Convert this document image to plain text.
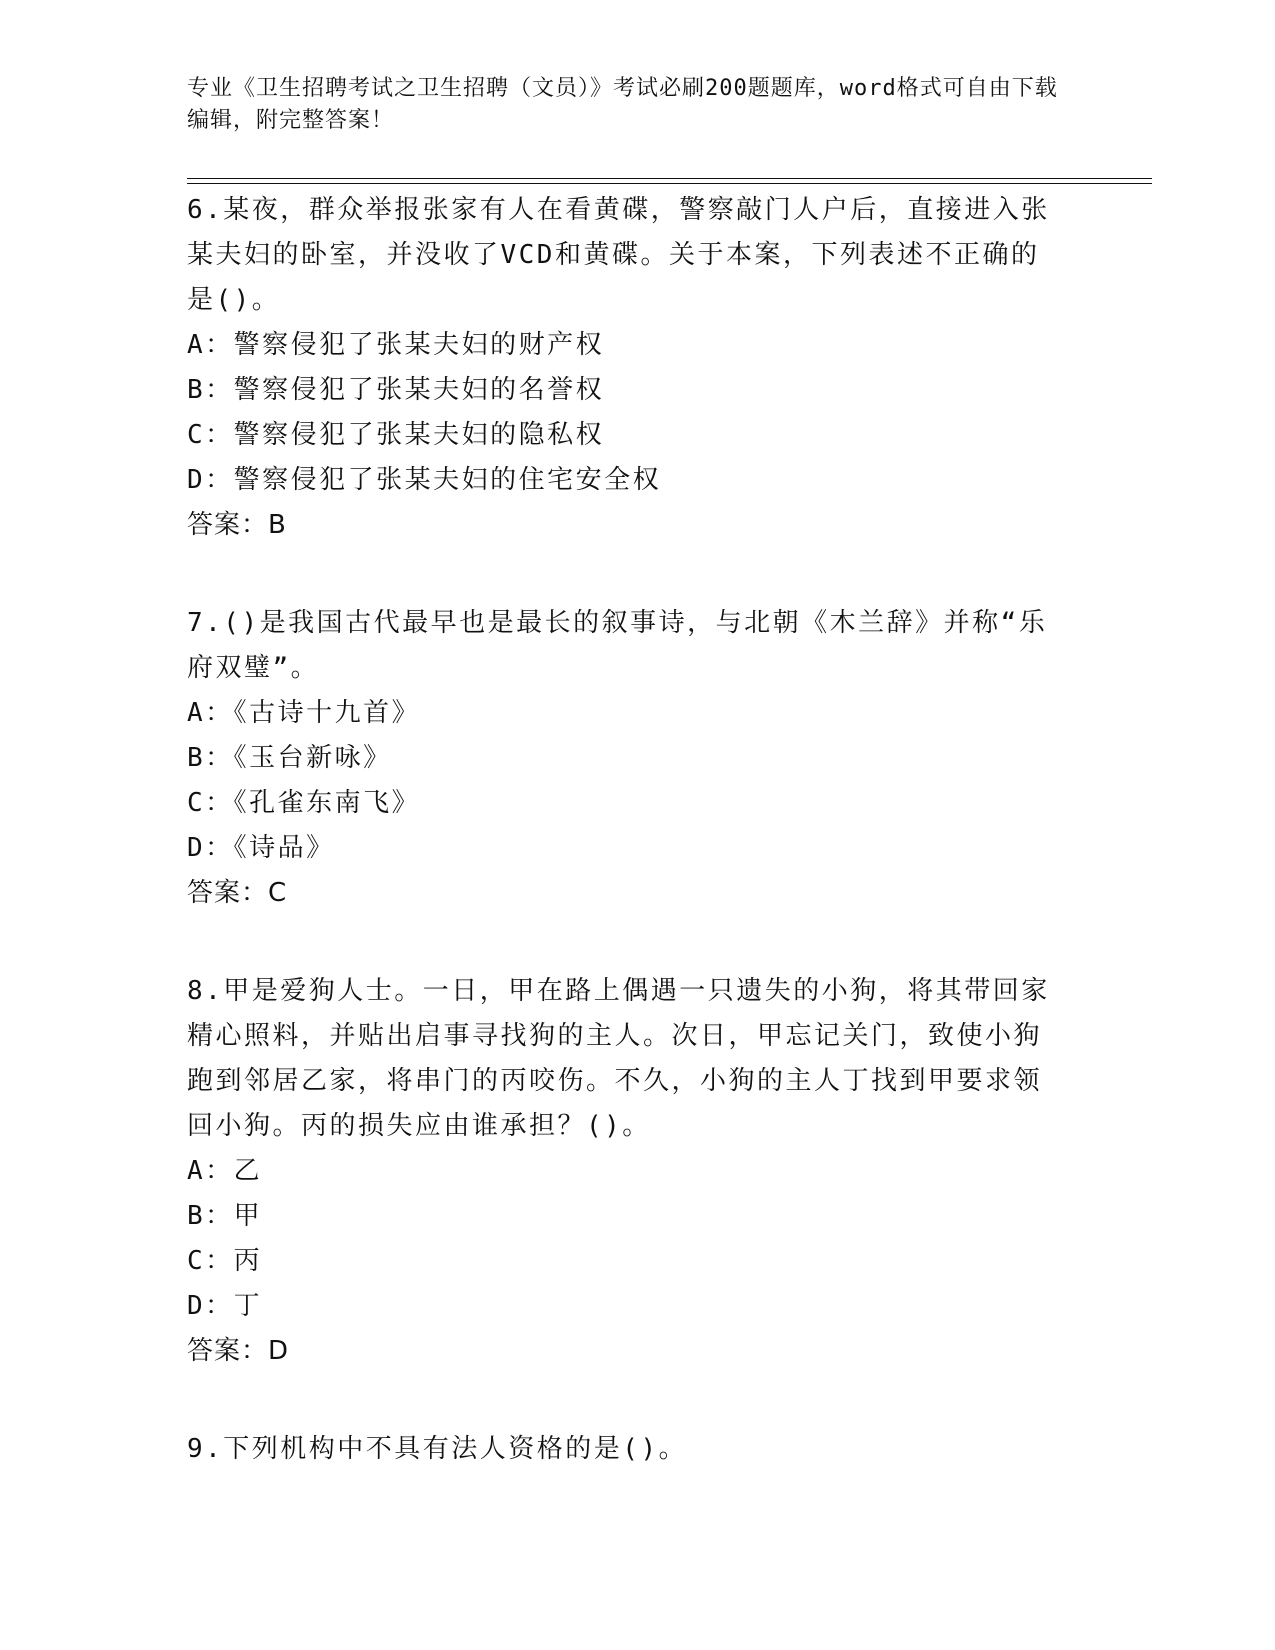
专业《卫生招聘考试之卫生招聘（文员）》考试必刷200题题库，word格式可自由下载编辑，附完整答案！

6.某夜，群众举报张家有人在看黄碟，警察敲门人户后，直接进入张某夫妇的卧室，并没收了VCD和黄碟。关于本案，下列表述不正确的是()。

A：警察侵犯了张某夫妇的财产权

B：警察侵犯了张某夫妇的名誉权

C：警察侵犯了张某夫妇的隐私权

D：警察侵犯了张某夫妇的住宅安全权

答案：B

7.()是我国古代最早也是最长的叙事诗，与北朝《木兰辞》并称“乐府双璧”。

A：《古诗十九首》

B：《玉台新咏》

C：《孔雀东南飞》

D：《诗品》

答案：C

8.甲是爱狗人士。一日，甲在路上偶遇一只遗失的小狗，将其带回家精心照料，并贴出启事寻找狗的主人。次日，甲忘记关门，致使小狗跑到邻居乙家，将串门的丙咬伤。不久，小狗的主人丁找到甲要求领回小狗。丙的损失应由谁承担？()。

A：乙

B：甲

C：丙

D：丁

答案：D

9.下列机构中不具有法人资格的是()。
